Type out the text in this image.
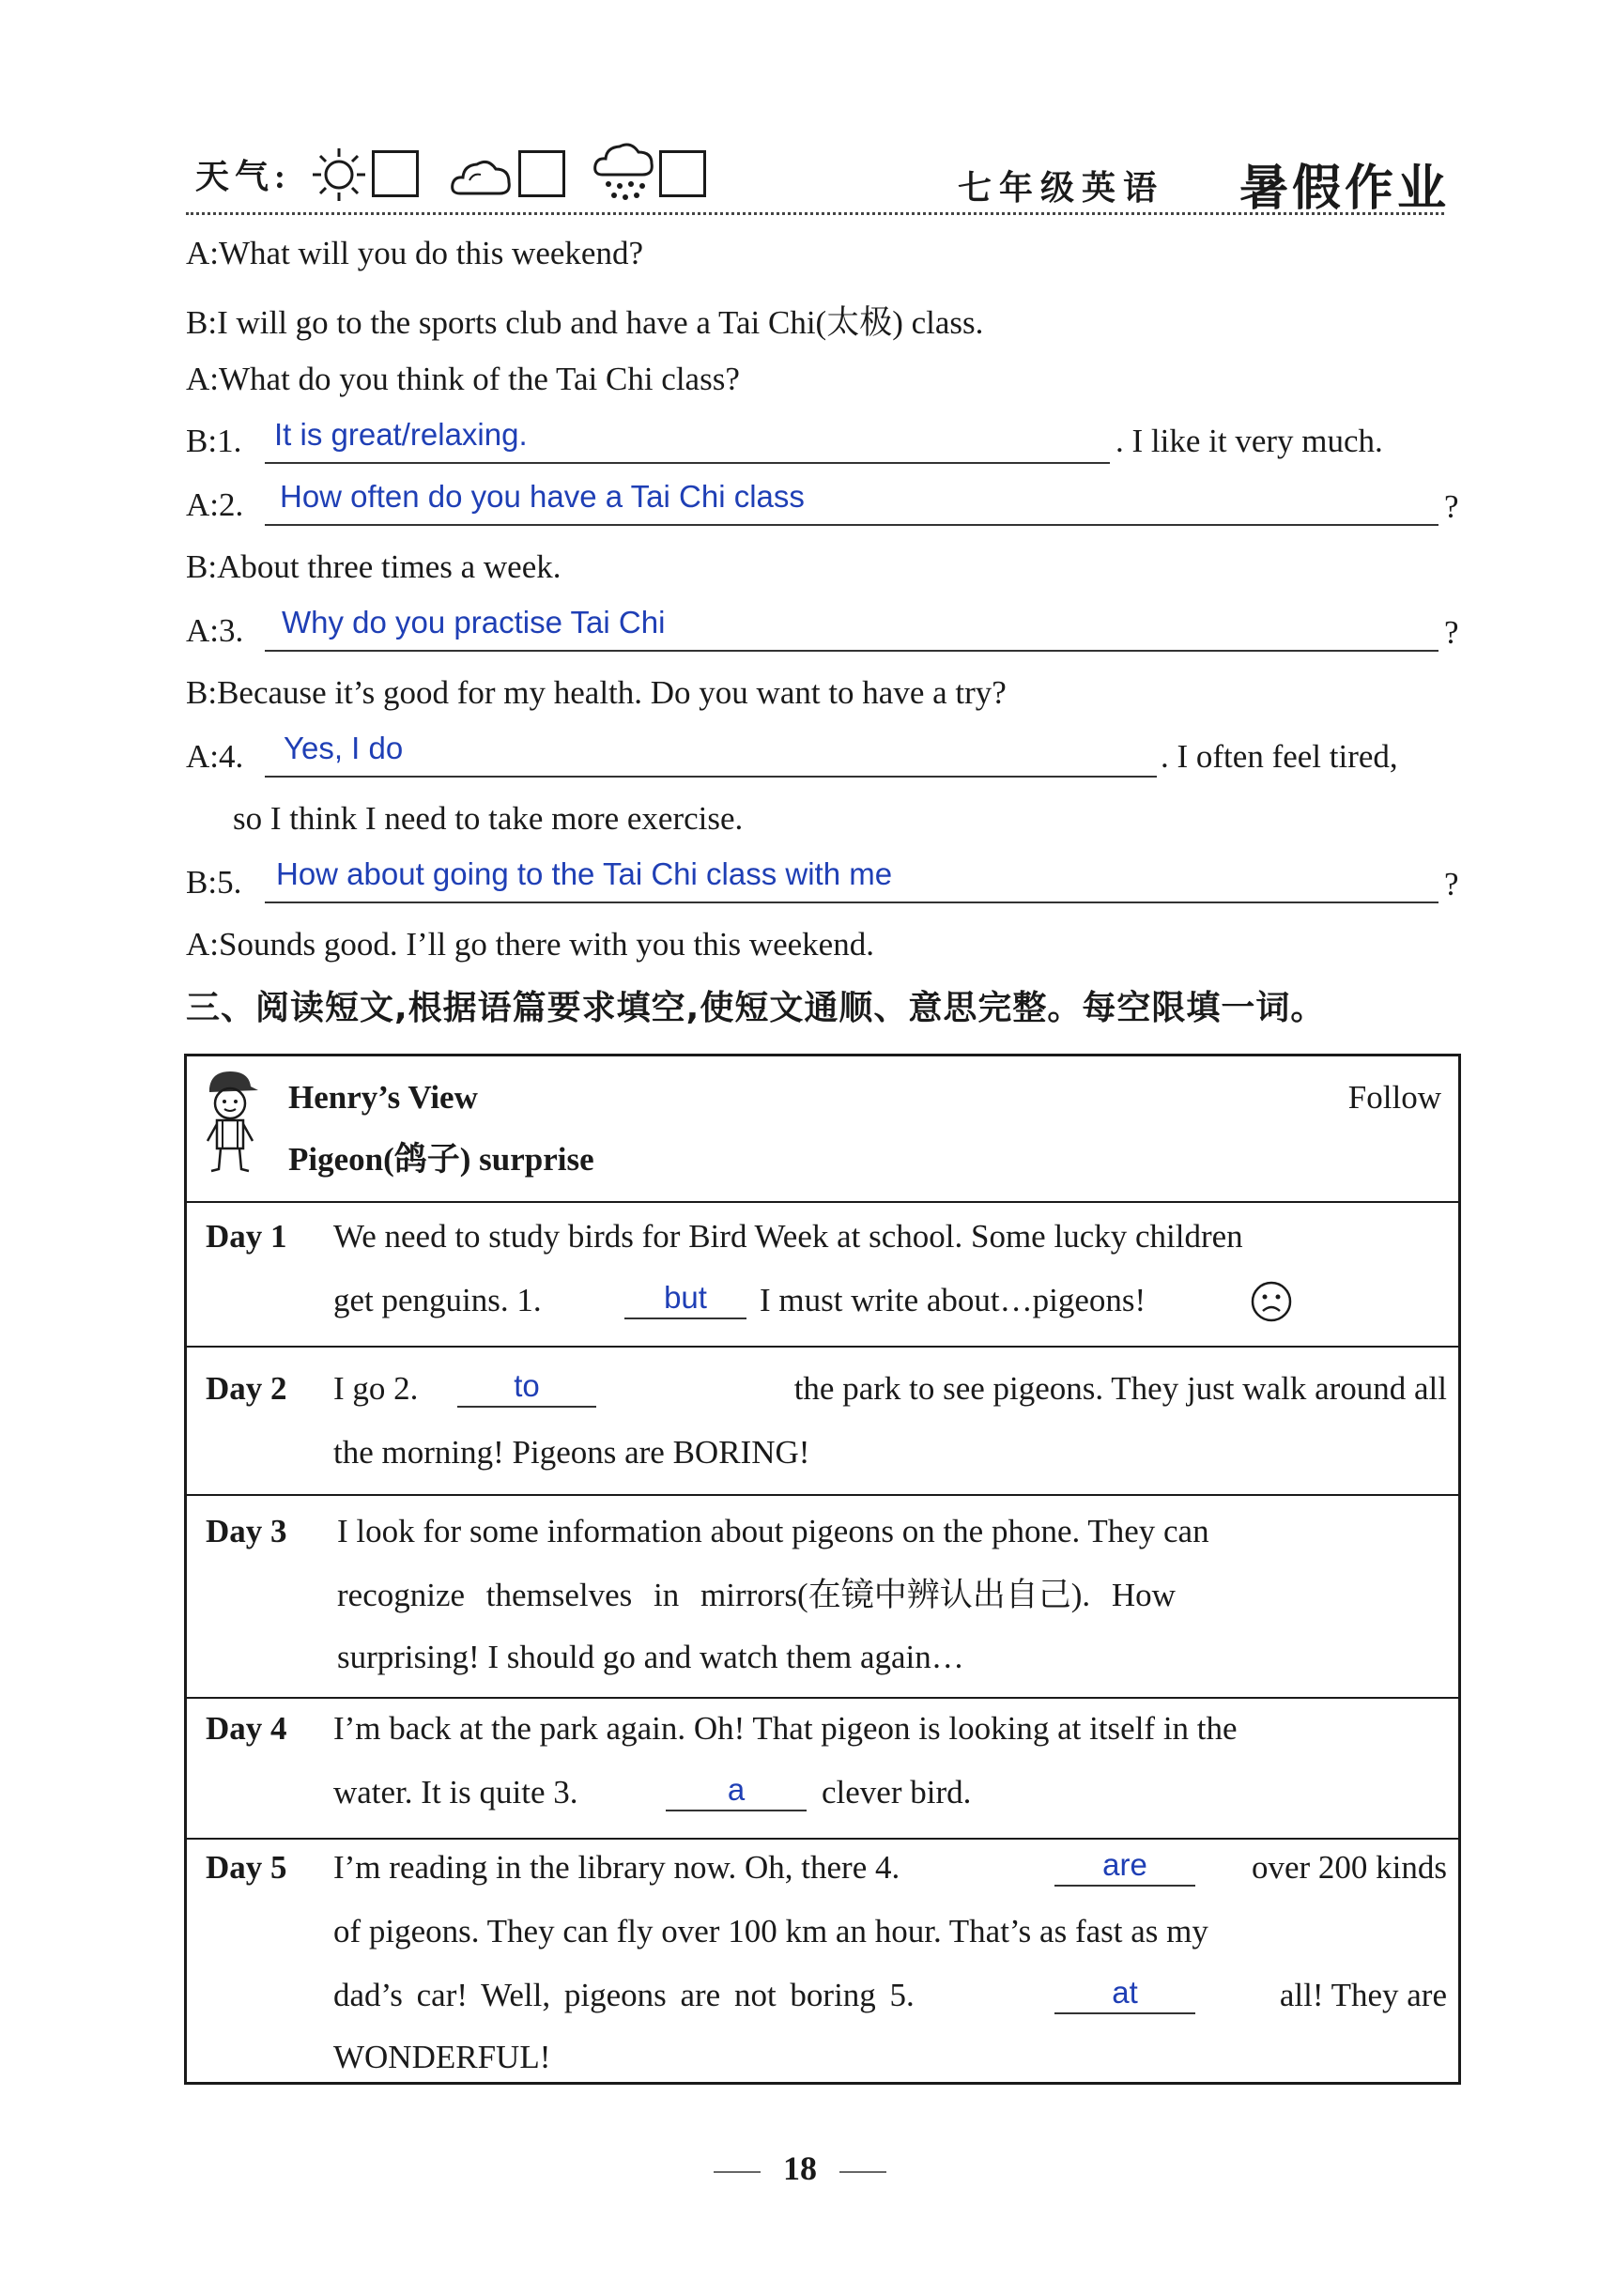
天气:	七年级英语 暑假作业
A:What will you do this weekend?
B:I will go to the sports club and have a Tai Chi(太极) class.
A:What do you think of the Tai Chi class?
B:1. It is great/relaxing.	. I like it very much.
A:2. How often do you have a Tai Chi class	?
B:About three times a week.
A:3. Why do you practise Tai Chi	?
B:Because it’s good for my health. Do you want to have a try?
A:4. Yes, I do	. I often feel tired,
so I think I need to take more exercise.
B:5. How about going to the Tai Chi class with me	?
A:Sounds good. I’ll go there with you this weekend.
三、阅读短文,根据语篇要求填空,使短文通顺、意思完整。每空限填一词。
Henry’s View	Follow
Pigeon(鸽子) surprise
Day 1 We need to study birds for Bird Week at school. Some lucky children
get penguins. 1.	but	I must write about…pigeons!
Day 2 I go 2.	to	the park to see pigeons. They just walk around all
the morning! Pigeons are BORING!
Day 3 I look for some information about pigeons on the phone. They can
recognize themselves in mirrors(在镜中辨认出自己). How
surprising! I should go and watch them again…
Day 4 I’m back at the park again. Oh! That pigeon is looking at itself in the
water. It is quite 3.	a	clever bird.
Day 5 I’m reading in the library now. Oh, there 4.	are	over 200 kinds
of pigeons. They can fly over 100 km an hour. That’s as fast as my
dad’s car! Well, pigeons are not boring 5.	at	all! They are
WONDERFUL!
18
